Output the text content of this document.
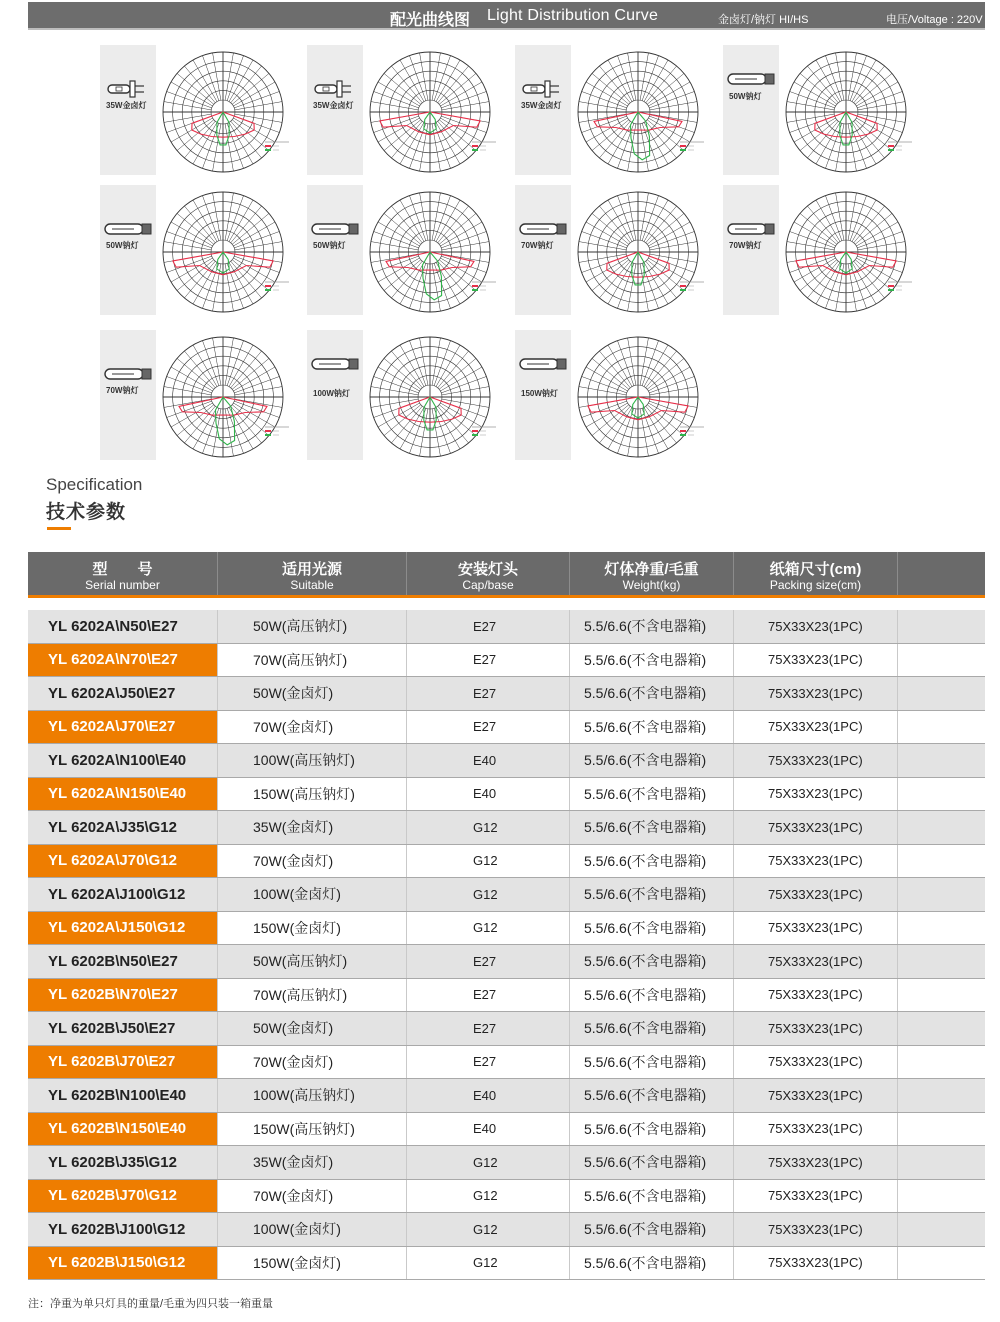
配光曲线图 Light Distribution Curve	金卤灯/钠灯 HI/HS	电压/Voltage : 220V
35W金卤灯	35W金卤灯	35W金卤灯
50W钠灯
50W钠灯	50W钠灯	70W钠灯	70W钠灯
70W钠灯	100W钠灯	150W钠灯
Specification
技术参数
型　　号
Serial number
适用光源
Suitable
安装灯头
Cap/base
灯体净重/毛重
Weight(kg)
纸箱尺寸(cm)
Packing size(cm)
YL 6202A\N50\E27	50W(高压钠灯)	E27	5.5/6.6(不含电器箱)	75X33X23(1PC)
YL 6202A\N70\E27	70W(高压钠灯)	E27	5.5/6.6(不含电器箱)	75X33X23(1PC)
YL 6202A\J50\E27	50W(金卤灯)	E27	5.5/6.6(不含电器箱)	75X33X23(1PC)
YL 6202A\J70\E27	70W(金卤灯)	E27	5.5/6.6(不含电器箱)	75X33X23(1PC)
YL 6202A\N100\E40	100W(高压钠灯)	E40	5.5/6.6(不含电器箱)	75X33X23(1PC)
YL 6202A\N150\E40	150W(高压钠灯)	E40	5.5/6.6(不含电器箱)	75X33X23(1PC)
YL 6202A\J35\G12	35W(金卤灯)	G12	5.5/6.6(不含电器箱)	75X33X23(1PC)
YL 6202A\J70\G12	70W(金卤灯)	G12	5.5/6.6(不含电器箱)	75X33X23(1PC)
YL 6202A\J100\G12	100W(金卤灯)	G12	5.5/6.6(不含电器箱)	75X33X23(1PC)
YL 6202A\J150\G12	150W(金卤灯)	G12	5.5/6.6(不含电器箱)	75X33X23(1PC)
YL 6202B\N50\E27	50W(高压钠灯)	E27	5.5/6.6(不含电器箱)	75X33X23(1PC)
YL 6202B\N70\E27	70W(高压钠灯)	E27	5.5/6.6(不含电器箱)	75X33X23(1PC)
YL 6202B\J50\E27	50W(金卤灯)	E27	5.5/6.6(不含电器箱)	75X33X23(1PC)
YL 6202B\J70\E27	70W(金卤灯)	E27	5.5/6.6(不含电器箱)	75X33X23(1PC)
YL 6202B\N100\E40	100W(高压钠灯)	E40	5.5/6.6(不含电器箱)	75X33X23(1PC)
YL 6202B\N150\E40	150W(高压钠灯)	E40	5.5/6.6(不含电器箱)	75X33X23(1PC)
YL 6202B\J35\G12	35W(金卤灯)	G12	5.5/6.6(不含电器箱)	75X33X23(1PC)
YL 6202B\J70\G12	70W(金卤灯)	G12	5.5/6.6(不含电器箱)	75X33X23(1PC)
YL 6202B\J100\G12	100W(金卤灯)	G12	5.5/6.6(不含电器箱)	75X33X23(1PC)
YL 6202B\J150\G12	150W(金卤灯)	G12	5.5/6.6(不含电器箱)	75X33X23(1PC)
注：净重为单只灯具的重量/毛重为四只装一箱重量
